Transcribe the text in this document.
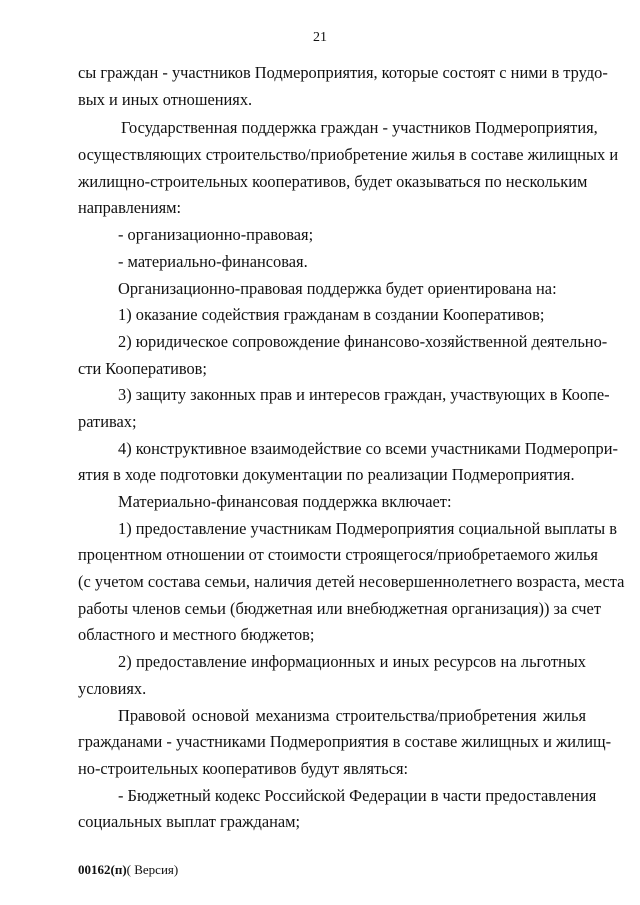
21
сы граждан - участников Подмероприятия, которые состоят с ними в трудо-
вых и иных отношениях.
Государственная поддержка граждан - участников Подмероприятия,
осуществляющих строительство/приобретение жилья в составе жилищных и
жилищно-строительных кооперативов, будет оказываться по нескольким
направлениям:
- организационно-правовая;
- материально-финансовая.
Организационно-правовая поддержка будет ориентирована на:
1) оказание содействия гражданам в создании Кооперативов;
2) юридическое сопровождение финансово-хозяйственной деятельно-
сти Кооперативов;
3) защиту законных прав и интересов граждан, участвующих в Коопе-
ративах;
4) конструктивное взаимодействие со всеми участниками Подмеропри-
ятия в ходе подготовки документации по реализации Подмероприятия.
Материально-финансовая поддержка включает:
1) предоставление участникам Подмероприятия социальной выплаты в
процентном отношении от стоимости строящегося/приобретаемого жилья
(с учетом состава семьи, наличия детей несовершеннолетнего возраста, места
работы членов семьи (бюджетная или внебюджетная организация)) за счет
областного и местного бюджетов;
2) предоставление информационных и иных ресурсов на льготных
условиях.
Правовой основой механизма строительства/приобретения жилья
гражданами - участниками Подмероприятия в составе жилищных и жилищ-
но-строительных кооперативов будут являться:
- Бюджетный кодекс Российской Федерации в части предоставления
социальных выплат гражданам;
00162(п)( Версия)
